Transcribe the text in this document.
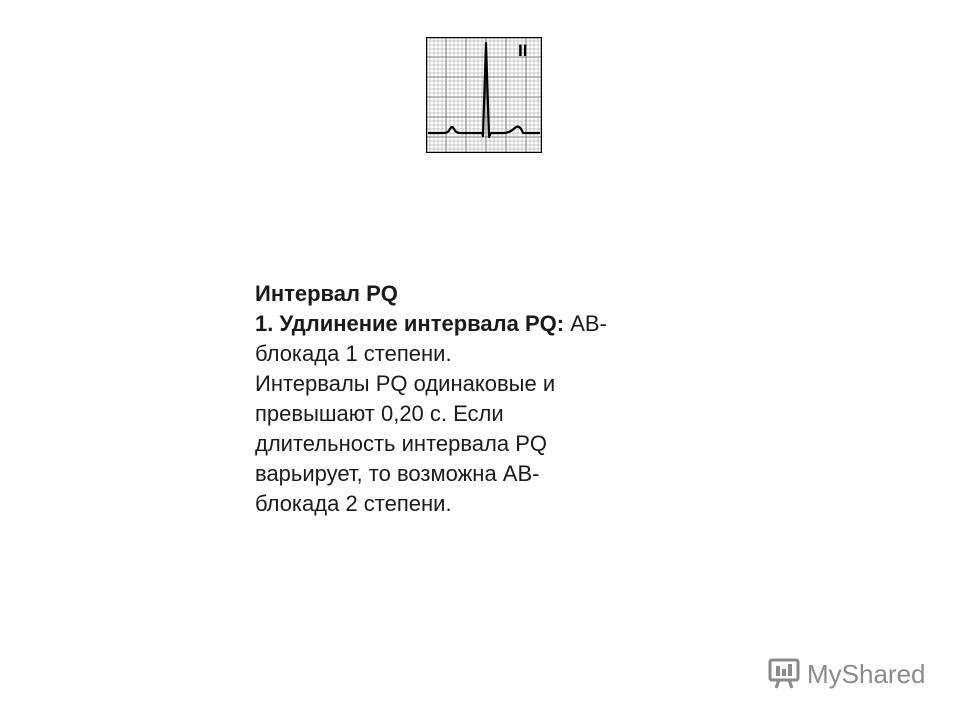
II
Интервал PQ
1. Удлинение интервала PQ: АВ-
блокада 1 степени.
Интервалы PQ одинаковые и
превышают 0,20 с. Если
длительность интервала PQ
варьирует, то возможна АВ-
блокада 2 степени.
MyShared
